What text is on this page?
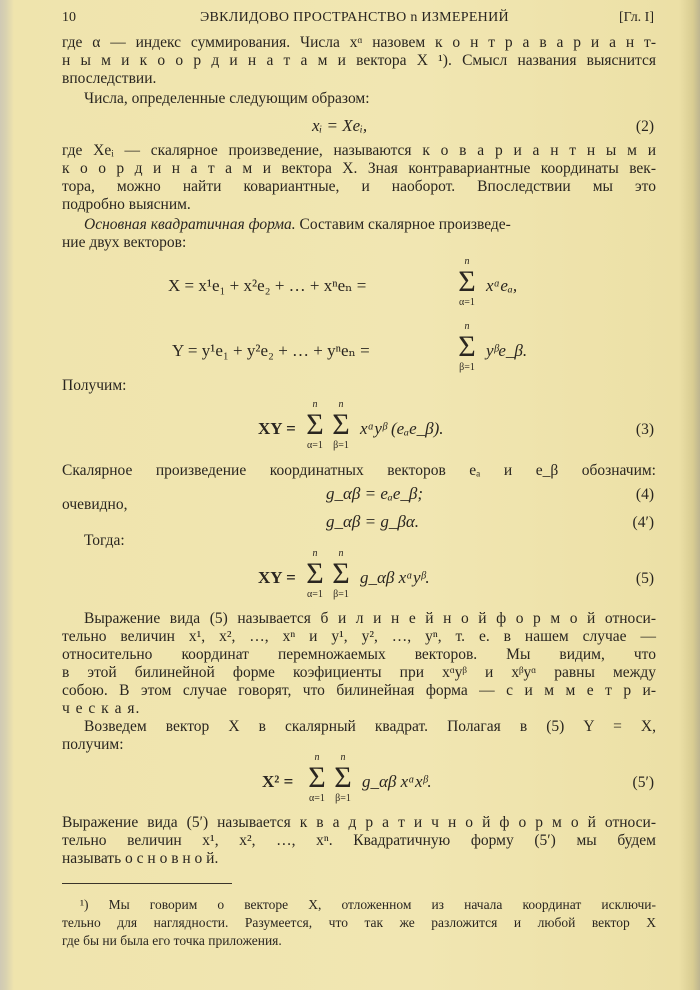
10	ЭВКЛИДОВО ПРОСТРАНСТВО n ИЗМЕРЕНИЙ	[Гл. I]
где α — индекс суммирования. Числа xᵅ назовем к о н т р а в а р и а н т-
н ы м и к о о р д и н а т а м и вектора X ¹). Смысл названия выяснится
впоследствии.
Числа, определенные следующим образом:
xᵢ = Xeᵢ,	(2)
где Xeᵢ — скалярное произведение, называются к о в а р и а н т н ы м и
к о о р д и н а т а м и вектора X. Зная контравариантные координаты век-
тора, можно найти ковариантные, и наоборот. Впоследствии мы это
подробно выясним.
Основная квадратичная форма. Составим скалярное произведе-
ние двух векторов:
X = x¹e₁ + x²e₂ + … + xⁿeₙ =
n
Σ
α=1
xᵅeₐ,
Y = y¹e₁ + y²e₂ + … + yⁿeₙ =
n
Σ
β=1
yᵝe_β.
Получим:
XY =
n
Σ
α=1
n
Σ
β=1
xᵅyᵝ (eₐe_β).	(3)
Скалярное произведение координатных векторов eₐ и e_β обозначим:
g_αβ = eₐe_β;	(4)
очевидно,
g_αβ = g_βα.	(4′)
Тогда:
XY =
n
Σ
α=1
n
Σ
β=1
g_αβ xᵅyᵝ.	(5)
Выражение вида (5) называется б и л и н е й н о й ф о р м о й относи-
тельно величин x¹, x², …, xⁿ и y¹, y², …, yⁿ, т. е. в нашем случае —
относительно координат перемножаемых векторов. Мы видим, что
в этой билинейной форме коэфициенты при xᵅyᵝ и xᵝyᵅ равны между
собою. В этом случае говорят, что билинейная форма — с и м м е т р и-
ч е с к а я.
Возведем вектор X в скалярный квадрат. Полагая в (5) Y = X,
получим:
X² =
n
Σ
α=1
n
Σ
β=1
g_αβ xᵅxᵝ.	(5′)
Выражение вида (5′) называется к в а д р а т и ч н о й ф о р м о й относи-
тельно величин x¹, x², …, xⁿ. Квадратичную форму (5′) мы будем
называть о с н о в н о й.
¹) Мы говорим о векторе X, отложенном из начала координат исключи-
тельно для наглядности. Разумеется, что так же разложится и любой вектор X
где бы ни была его точка приложения.
